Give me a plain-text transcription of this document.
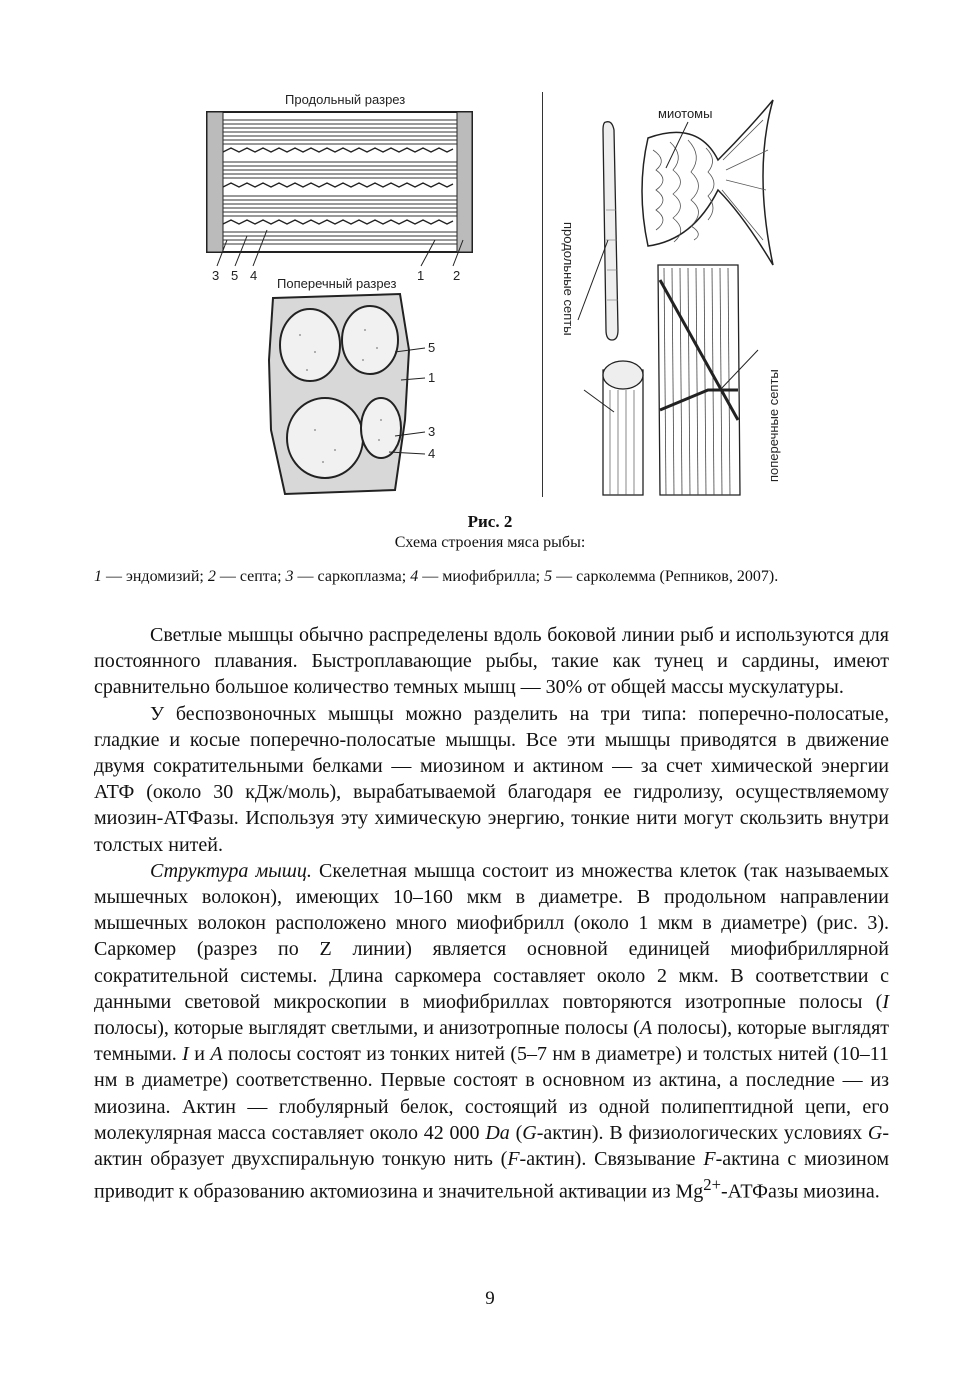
Продольный разрез
3 5 4	1 2
Поперечный разрез
5
1
3
4
миотомы
продольные септы
поперечные септы
Рис. 2
Схема строения мяса рыбы:
1 — эндомизий; 2 — септа; 3 — саркоплазма; 4 — миофибрилла; 5 — сарколемма (Репников, 2007).

Светлые мышцы обычно распределены вдоль боковой линии рыб и используются для постоянного плавания. Быстроплавающие рыбы, такие как тунец и сардины, имеют сравнительно большое количество темных мышц — 30% от общей массы мускулатуры.

У беспозвоночных мышцы можно разделить на три типа: поперечно-полосатые, гладкие и косые поперечно-полосатые мышцы. Все эти мышцы приводятся в движение двумя сократительными белками — миозином и актином — за счет химической энергии АТФ (около 30 кДж/моль), вырабатываемой благодаря ее гидролизу, осуществляемому миозин-АТФазы. Используя эту химическую энергию, тонкие нити могут скользить внутри толстых нитей.

Структура мышц. Скелетная мышца состоит из множества клеток (так называемых мышечных волокон), имеющих 10–160 мкм в диаметре. В продольном направлении мышечных волокон расположено много миофибрилл (около 1 мкм в диаметре) (рис. 3). Саркомер (разрез по Z линии) является основной единицей миофибриллярной сократительной системы. Длина саркомера составляет около 2 мкм. В соответствии с данными световой микроскопии в миофибриллах повторяются изотропные полосы (I полосы), которые выглядят светлыми, и анизотропные полосы (A полосы), которые выглядят темными. I и A полосы состоят из тонких нитей (5–7 нм в диаметре) и толстых нитей (10–11 нм в диаметре) соответственно. Первые состоят в основном из актина, а последние — из миозина. Актин — глобулярный белок, состоящий из одной полипептидной цепи, его молекулярная масса составляет около 42 000 Da (G-актин). В физиологических условиях G-актин образует двухспиральную тонкую нить (F-актин). Связывание F-актина с миозином приводит к образованию актомиозина и значительной активации из $Mg^{2+}$-АТФазы миозина.

9
